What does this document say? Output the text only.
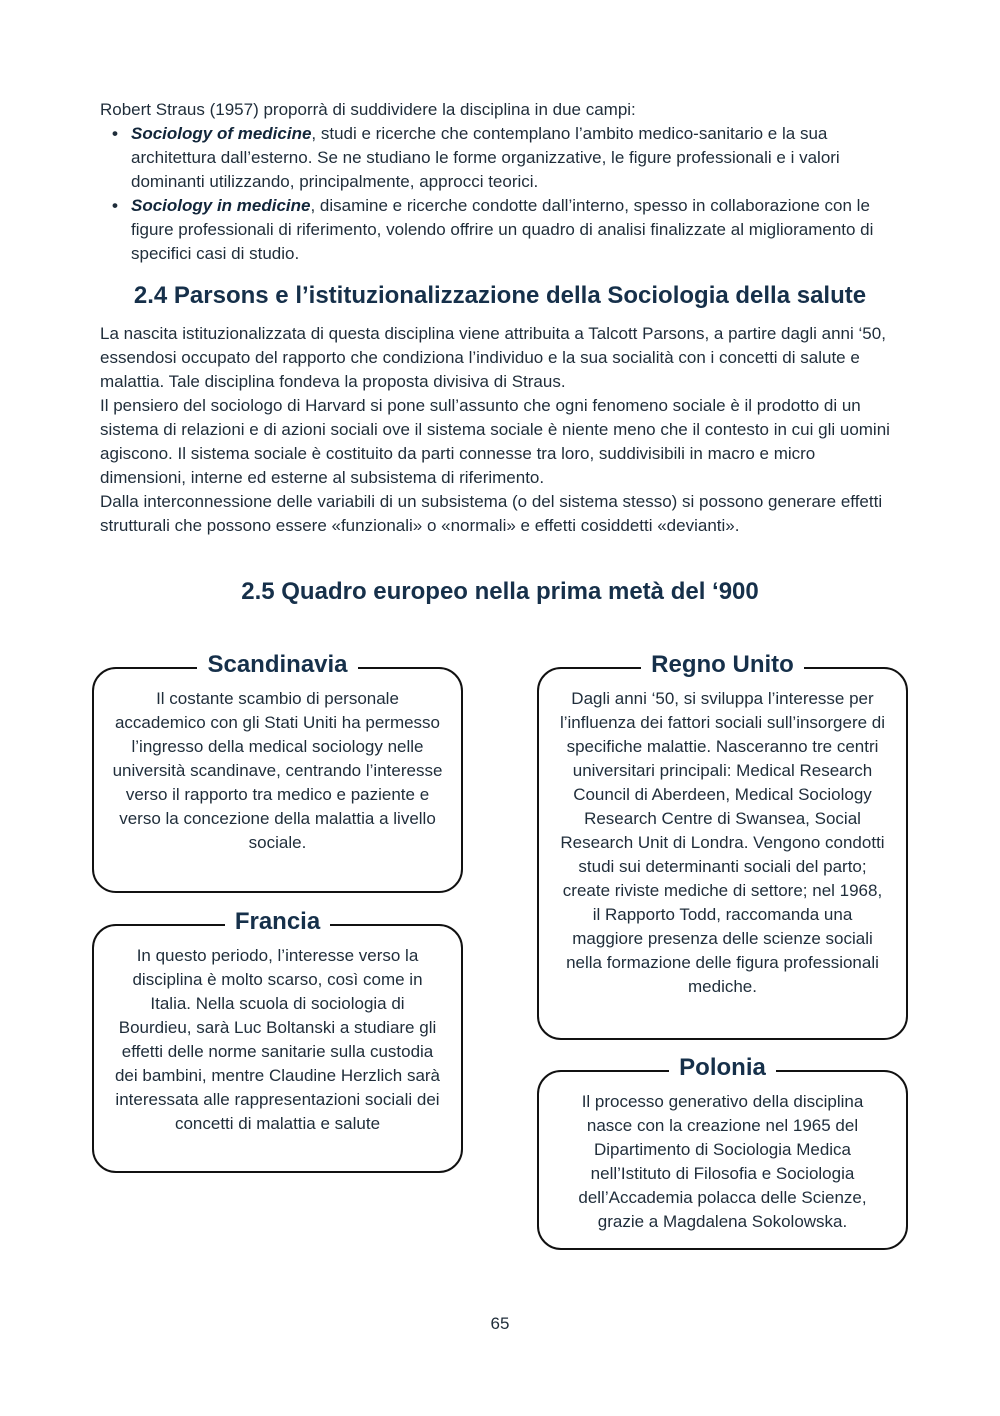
Robert Straus (1957) proporrà di suddividere la disciplina in due campi:
• Sociology of medicine, studi e ricerche che contemplano l’ambito medico-sanitario e la sua architettura dall’esterno. Se ne studiano le forme organizzative, le figure professionali e i valori dominanti utilizzando, principalmente, approcci teorici.
• Sociology in medicine, disamine e ricerche condotte dall’interno, spesso in collaborazione con le figure professionali di riferimento, volendo offrire un quadro di analisi finalizzate al miglioramento di specifici casi di studio.
2.4 Parsons e l’istituzionalizzazione della Sociologia della salute

La nascita istituzionalizzata di questa disciplina viene attribuita a Talcott Parsons, a partire dagli anni ‘50, essendosi occupato del rapporto che condiziona l’individuo e la sua socialità con i concetti di salute e malattia. Tale disciplina fondeva la proposta divisiva di Straus.

Il pensiero del sociologo di Harvard si pone sull’assunto che ogni fenomeno sociale è il prodotto di un sistema di relazioni e di azioni sociali ove il sistema sociale è niente meno che il contesto in cui gli uomini agiscono. Il sistema sociale è costituito da parti connesse tra loro, suddivisibili in macro e micro dimensioni, interne ed esterne al subsistema di riferimento.

Dalla interconnessione delle variabili di un subsistema (o del sistema stesso) si possono generare effetti strutturali che possono essere «funzionali» o «normali» e effetti cosiddetti «devianti».

2.5 Quadro europeo nella prima metà del ‘900
Scandinavia
Il costante scambio di personale accademico con gli Stati Uniti ha permesso l’ingresso della medical sociology nelle università scandinave, centrando l’interesse verso il rapporto tra medico e paziente e verso la concezione della malattia a livello sociale.
Francia
In questo periodo, l’interesse verso la disciplina è molto scarso, così come in Italia. Nella scuola di sociologia di Bourdieu, sarà Luc Boltanski a studiare gli effetti delle norme sanitarie sulla custodia dei bambini, mentre Claudine Herzlich sarà interessata alle rappresentazioni sociali dei concetti di malattia e salute
Regno Unito
Dagli anni ‘50, si sviluppa l’interesse per l’influenza dei fattori sociali sull’insorgere di specifiche malattie. Nasceranno tre centri universitari principali: Medical Research Council di Aberdeen, Medical Sociology Research Centre di Swansea, Social Research Unit di Londra. Vengono condotti studi sui determinanti sociali del parto; create riviste mediche di settore; nel 1968, il Rapporto Todd, raccomanda una maggiore presenza delle scienze sociali nella formazione delle figura professionali mediche.
Polonia
Il processo generativo della disciplina nasce con la creazione nel 1965 del Dipartimento di Sociologia Medica nell’Istituto di Filosofia e Sociologia dell’Accademia polacca delle Scienze, grazie a Magdalena Sokolowska.
65
